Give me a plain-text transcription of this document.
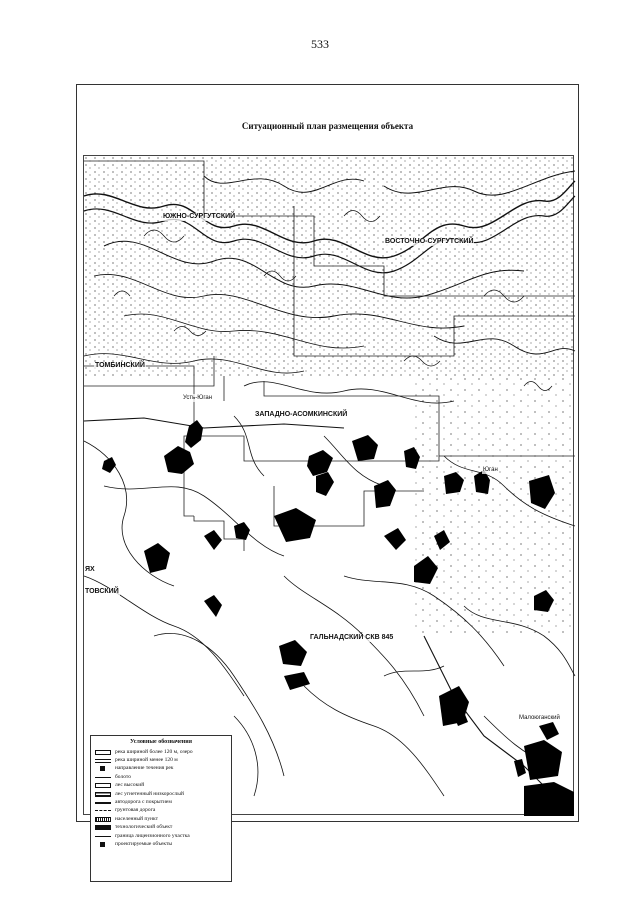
533
Ситуационный план размещения объекта
ЮЖНО-СУРГУТСКИЙ
ВОСТОЧНО-СУРГУТСКИЙ
ТОМБИНСКИЙ
Усть-Юган
ЗАПАДНО-АСОМКИНСКИЙ
Юган
ЯХ
ТОВСКИЙ
ГАЛЬНАДСКИЙ СКВ 845
Малоюганский
Условные обозначения
река шириной более 120 м, озеро
река шириной менее 120 м
направление течения рек
болото
лес высокий
лес угнетенный низкорослый
автодорога с покрытием
грунтовая дорога
населенный пункт
технологический объект
граница лицензионного участка
проектируемые объекты
